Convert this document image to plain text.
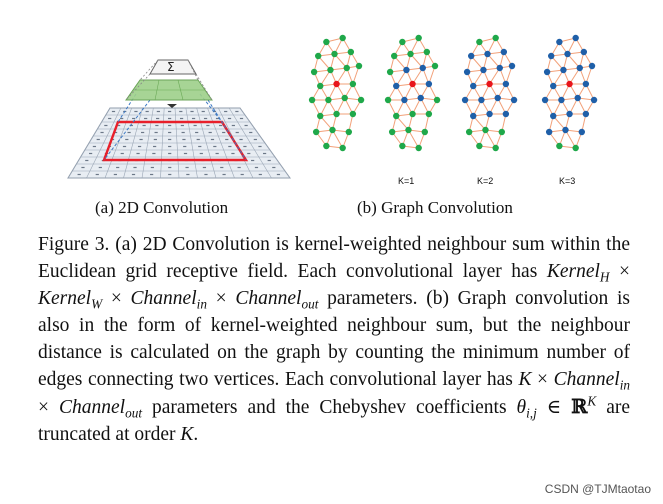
Σ
K=1	K=2	K=3
(a) 2D Convolution	(b) Graph Convolution
Figure 3. (a) 2D Convolution is kernel-weighted neighbour sum within the Euclidean grid receptive field. Each convolutional layer has Kernel$_H$ × Kernel$_W$ × Channel$_{in}$ × Channel$_{out}$ parameters. (b) Graph convolution is also in the form of kernel-weighted neighbour sum, but the neighbour distance is calculated on the graph by counting the minimum number of edges connecting two vertices. Each convolutional layer has K × Channel$_{in}$ × Channel$_{out}$ parameters and the Chebyshev coefficients $\theta_{i,j}$ ∈ ℝ$^K$ are truncated at order K.
CSDN @TJMtaotao
